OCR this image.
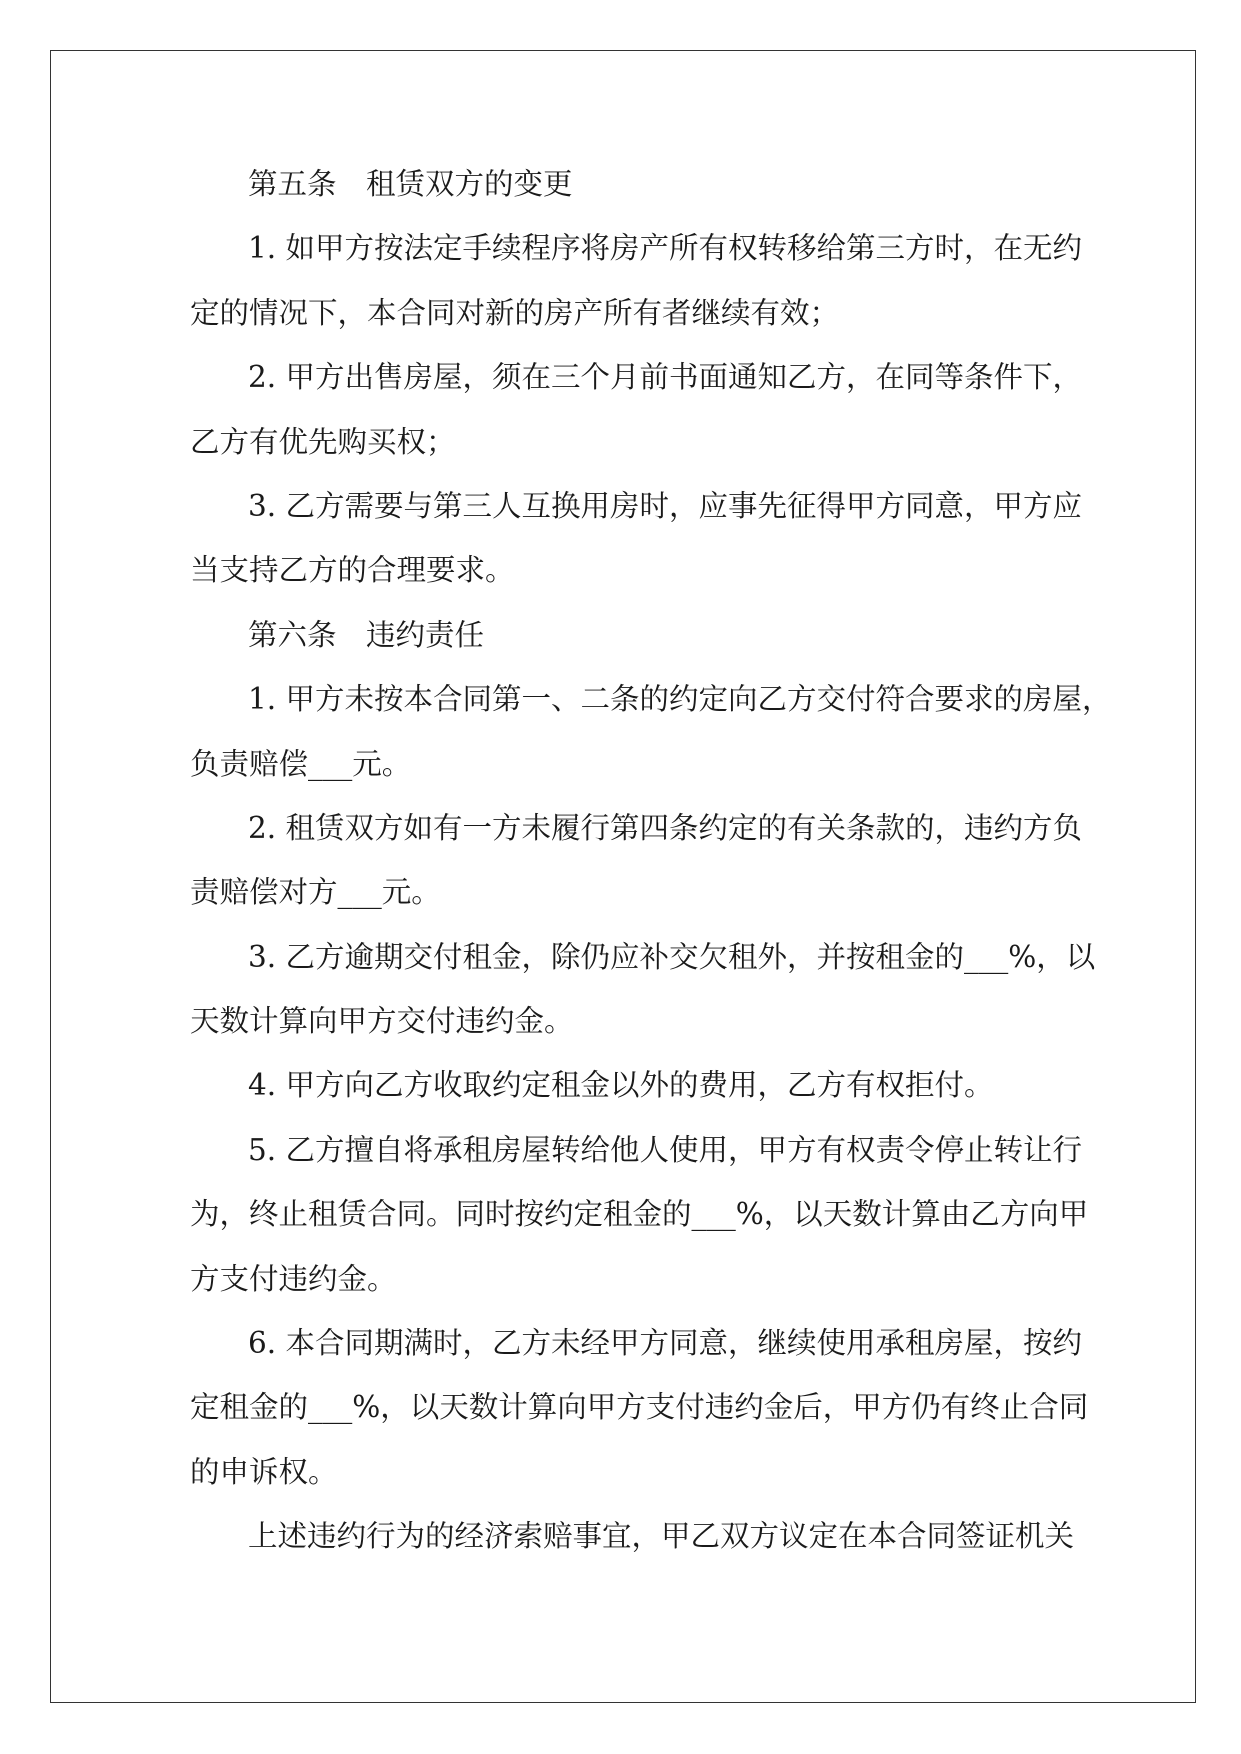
第五条 租赁双方的变更
1. 如甲方按法定手续程序将房产所有权转移给第三方时，在无约
定的情况下，本合同对新的房产所有者继续有效；
2. 甲方出售房屋，须在三个月前书面通知乙方，在同等条件下，
乙方有优先购买权；
3. 乙方需要与第三人互换用房时，应事先征得甲方同意，甲方应
当支持乙方的合理要求。
第六条 违约责任
1. 甲方未按本合同第一、二条的约定向乙方交付符合要求的房屋，
负责赔偿___元。
2. 租赁双方如有一方未履行第四条约定的有关条款的，违约方负
责赔偿对方___元。
3. 乙方逾期交付租金，除仍应补交欠租外，并按租金的___%，以
天数计算向甲方交付违约金。
4. 甲方向乙方收取约定租金以外的费用，乙方有权拒付。
5. 乙方擅自将承租房屋转给他人使用，甲方有权责令停止转让行
为，终止租赁合同。同时按约定租金的___%，以天数计算由乙方向甲
方支付违约金。
6. 本合同期满时，乙方未经甲方同意，继续使用承租房屋，按约
定租金的___%，以天数计算向甲方支付违约金后，甲方仍有终止合同
的申诉权。
上述违约行为的经济索赔事宜，甲乙双方议定在本合同签证机关
